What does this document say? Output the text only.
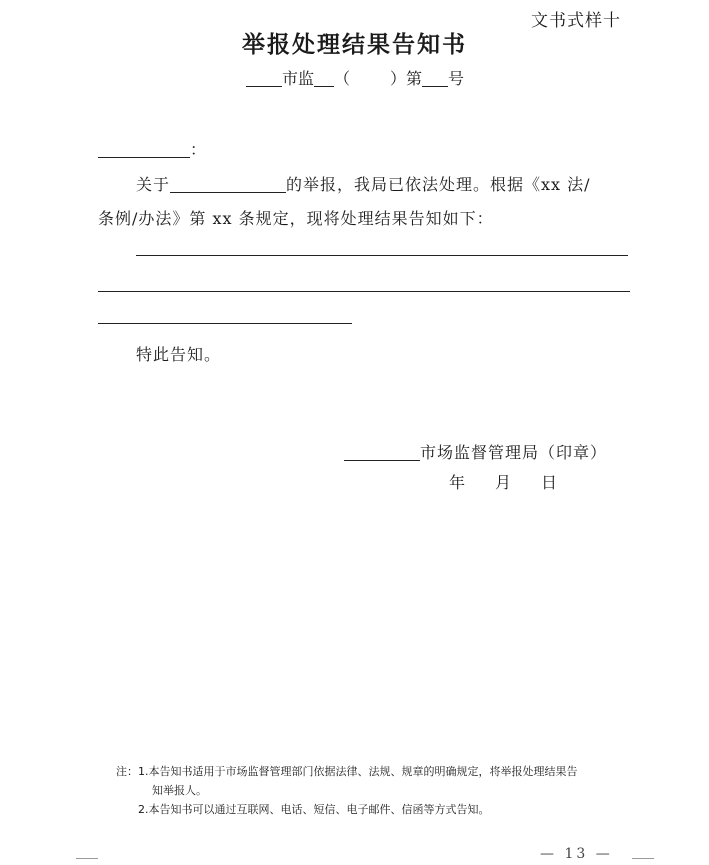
文书式样十
举报处理结果告知书
市监 （	）第 号
：
关于	的举报，我局已依法处理。根据《xx 法/
条例/办法》第 xx 条规定，现将处理结果告知如下：
特此告知。
市场监督管理局（印章）
年 月 日
注：1.本告知书适用于市场监督管理部门依据法律、法规、规章的明确规定，将举报处理结果告
知举报人。
2.本告知书可以通过互联网、电话、短信、电子邮件、信函等方式告知。
— 13 —
